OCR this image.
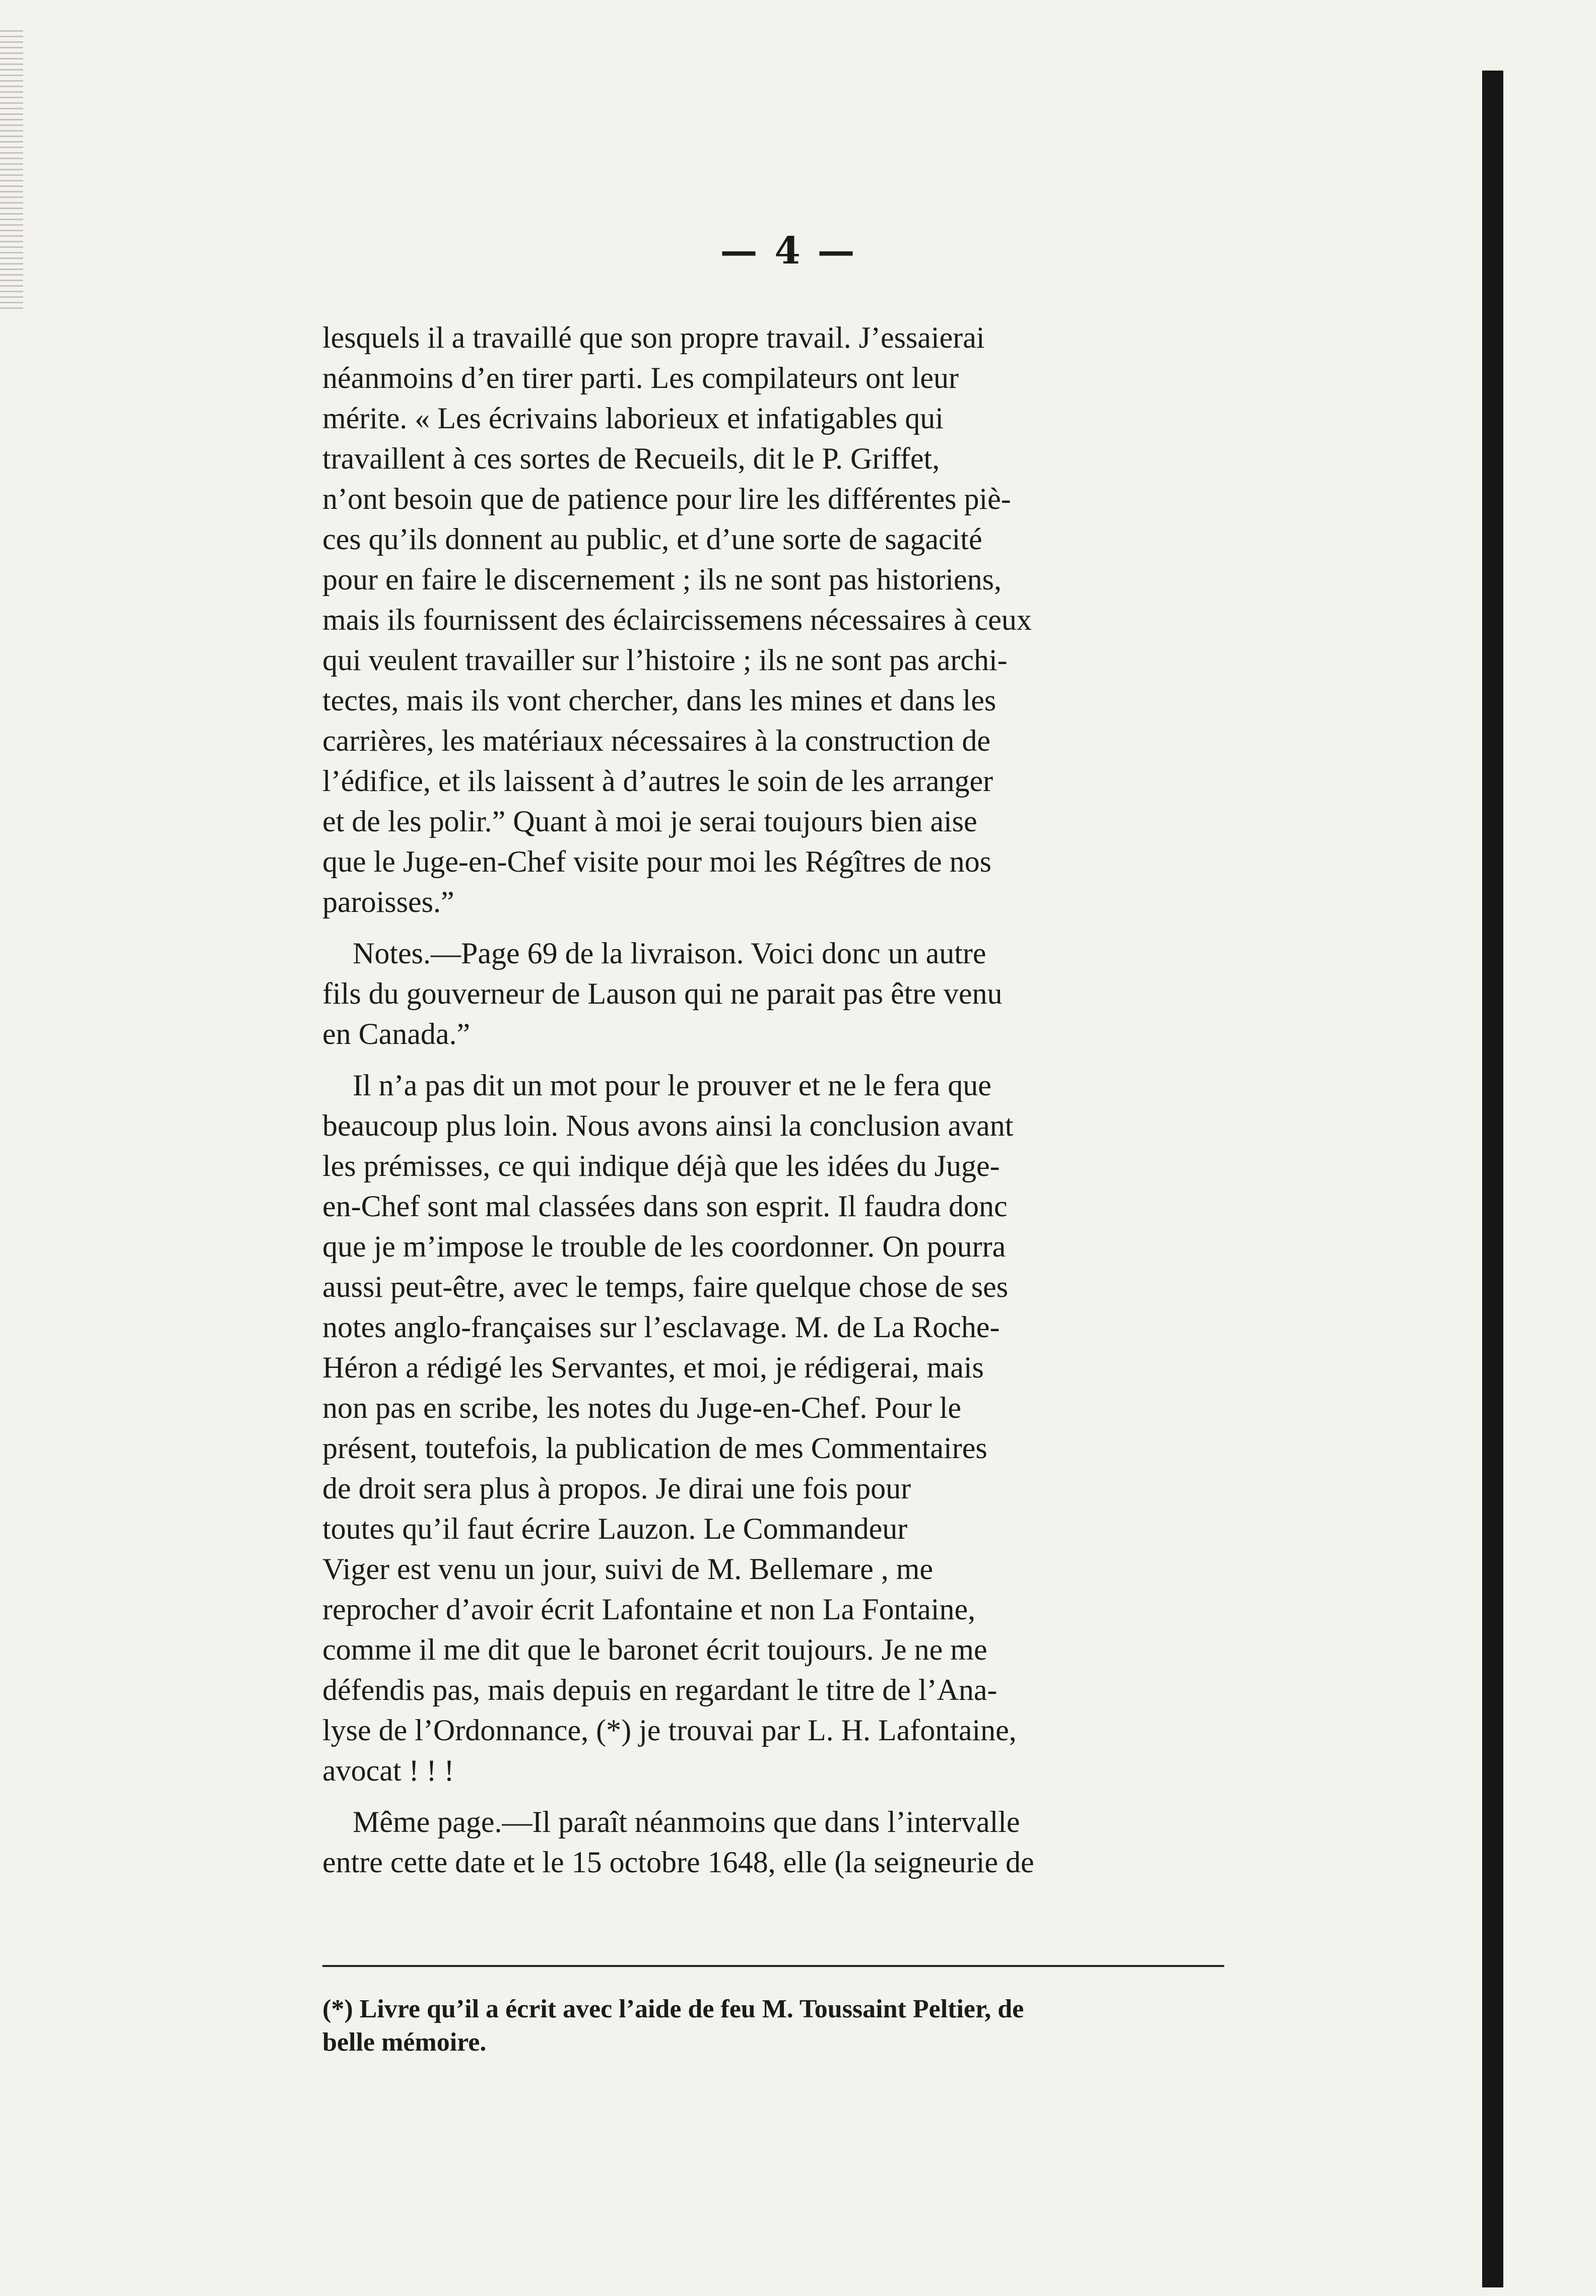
— 4 —

lesquels il a travaillé que son propre travail. J’essaierai
néanmoins d’en tirer parti. Les compilateurs ont leur
mérite. « Les écrivains laborieux et infatigables qui
travaillent à ces sortes de Recueils, dit le P. Griffet,
n’ont besoin que de patience pour lire les différentes piè-
ces qu’ils donnent au public, et d’une sorte de sagacité
pour en faire le discernement ; ils ne sont pas historiens,
mais ils fournissent des éclaircissemens nécessaires à ceux
qui veulent travailler sur l’histoire ; ils ne sont pas archi-
tectes, mais ils vont chercher, dans les mines et dans les
carrières, les matériaux nécessaires à la construction de
l’édifice, et ils laissent à d’autres le soin de les arranger
et de les polir.” Quant à moi je serai toujours bien aise
que le Juge-en-Chef visite pour moi les Régîtres de nos
paroisses.”

Notes.—Page 69 de la livraison. Voici donc un autre
fils du gouverneur de Lauson qui ne parait pas être venu
en Canada.”

Il n’a pas dit un mot pour le prouver et ne le fera que
beaucoup plus loin. Nous avons ainsi la conclusion avant
les prémisses, ce qui indique déjà que les idées du Juge-
en-Chef sont mal classées dans son esprit. Il faudra donc
que je m’impose le trouble de les coordonner. On pourra
aussi peut-être, avec le temps, faire quelque chose de ses
notes anglo-françaises sur l’esclavage. M. de La Roche-
Héron a rédigé les Servantes, et moi, je rédigerai, mais
non pas en scribe, les notes du Juge-en-Chef. Pour le
présent, toutefois, la publication de mes Commentaires
de droit sera plus à propos. Je dirai une fois pour
toutes qu’il faut écrire Lauzon. Le Commandeur
Viger est venu un jour, suivi de M. Bellemare , me
reprocher d’avoir écrit Lafontaine et non La Fontaine,
comme il me dit que le baronet écrit toujours. Je ne me
défendis pas, mais depuis en regardant le titre de l’Ana-
lyse de l’Ordonnance, (*) je trouvai par L. H. Lafontaine,
avocat ! ! !

Même page.—Il paraît néanmoins que dans l’intervalle
entre cette date et le 15 octobre 1648, elle (la seigneurie de

(*) Livre qu’il a écrit avec l’aide de feu M. Toussaint Peltier, de
belle mémoire.
